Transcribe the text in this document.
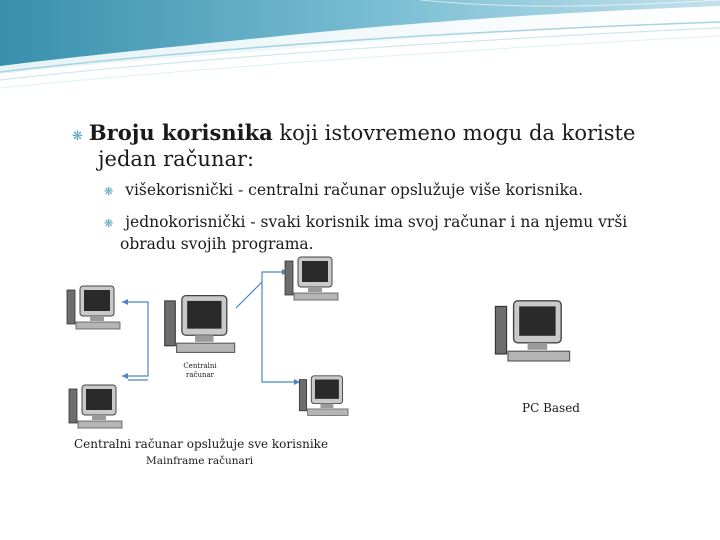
❋ Broju korisnika koji istovremeno mogu da koriste
jedan računar:
❋ višekorisnički - centralni računar opslužuje više korisnika.
❋ jednokorisnički - svaki korisnik ima svoj računar i na njemu vrši
obradu svojih programa.
Centralni
računar
PC Based
Centralni računar opslužuje sve korisnike
Mainframe računari
